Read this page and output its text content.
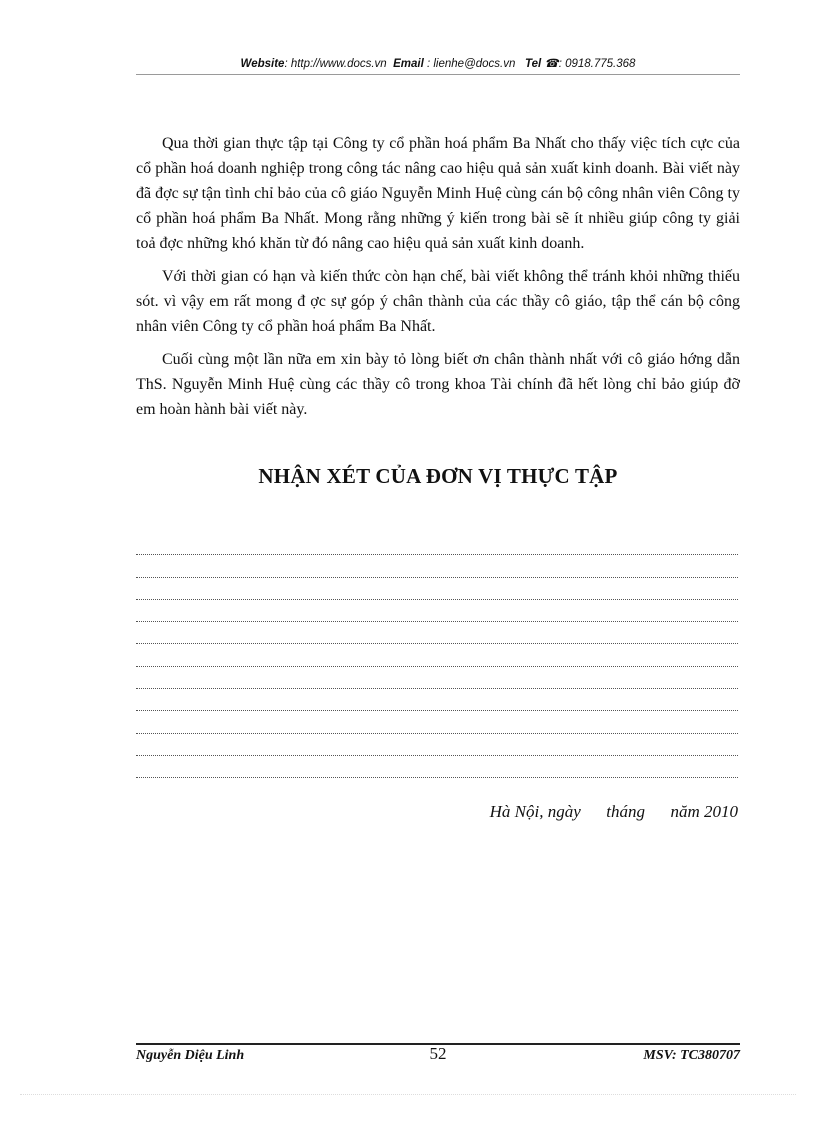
Website: http://www.docs.vn Email : lienhe@docs.vn Tel ☎: 0918.775.368

Qua thời gian thực tập tại Công ty cổ phần hoá phẩm Ba Nhất cho thấy việc tích cực của cổ phần hoá doanh nghiệp trong công tác nâng cao hiệu quả sản xuất kinh doanh. Bài viết này đã đợc sự tận tình chỉ bảo của cô giáo Nguyễn Minh Huệ cùng cán bộ công nhân viên Công ty cổ phần hoá phẩm Ba Nhất. Mong rằng những ý kiến trong bài sẽ ít nhiều giúp công ty giải toả đợc những khó khăn từ đó nâng cao hiệu quả sản xuất kinh doanh.

Với thời gian có hạn và kiến thức còn hạn chế, bài viết không thể tránh khỏi những thiếu sót. vì vậy em rất mong đ ợc sự góp ý chân thành của các thầy cô giáo, tập thể cán bộ công nhân viên Công ty cổ phần hoá phẩm Ba Nhất.

Cuối cùng một lần nữa em xin bày tỏ lòng biết ơn chân thành nhất với cô giáo hớng dẫn ThS. Nguyễn Minh Huệ cùng các thầy cô trong khoa Tài chính đã hết lòng chỉ bảo giúp đỡ em hoàn hành bài viết này.

NHẬN XÉT CỦA ĐƠN VỊ THỰC TẬP
Hà Nội, ngày      tháng      năm 2010
Nguyễn Diệu Linh	52	MSV: TC380707
